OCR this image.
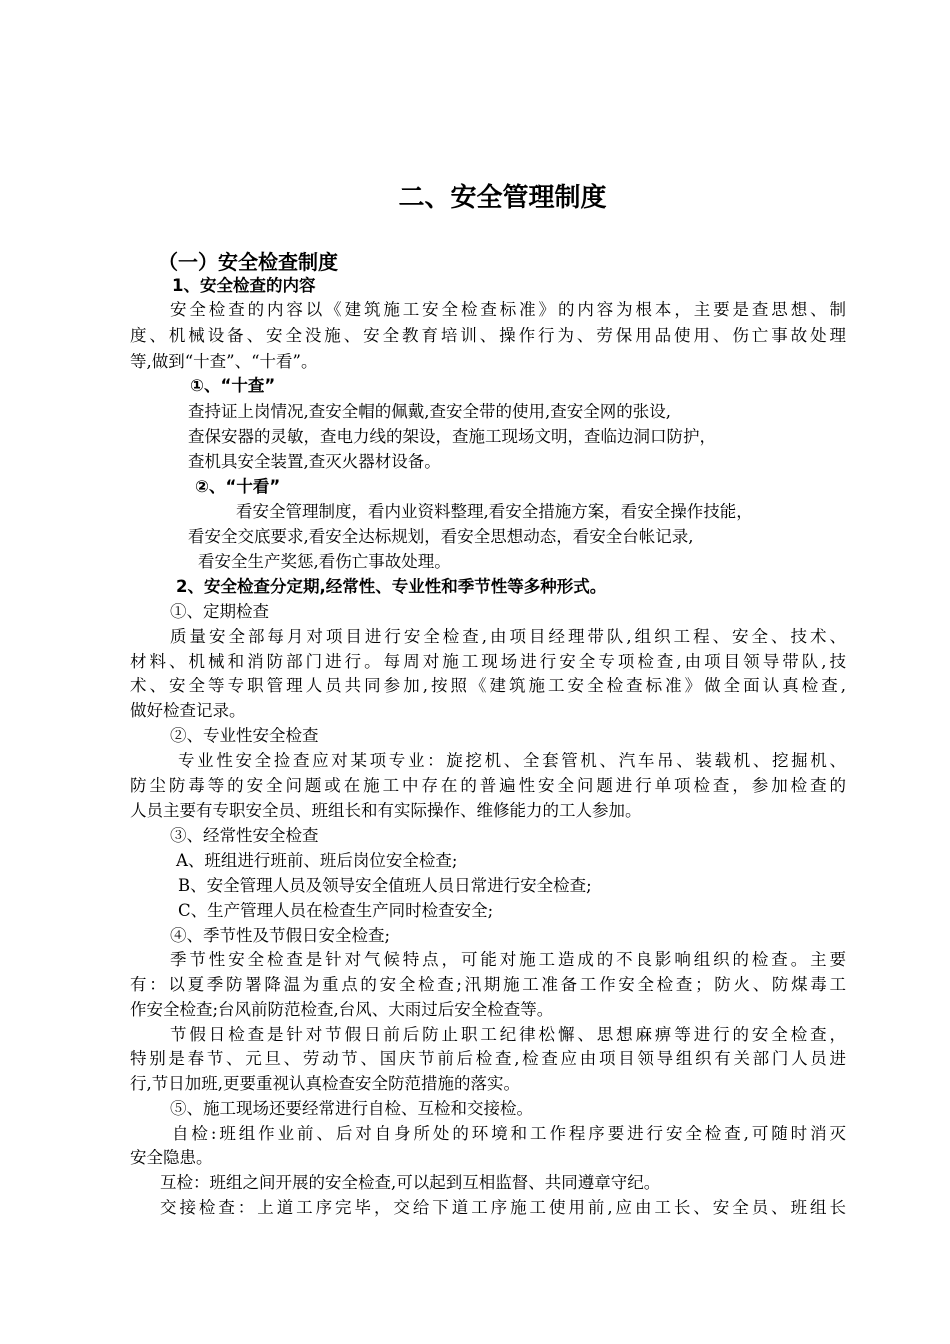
二、安全管理制度
（一）安全检查制度
1、安全检查的内容
安全检查的内容以《建筑施工安全检查标准》的内容为根本，主要是查思想、制
度、机械设备、安全没施、安全教育培训、操作行为、劳保用品使用、伤亡事故处理
等,做到“十查”、“十看”。
①、“十查”
查持证上岗情况,查安全帽的佩戴,查安全带的使用,查安全网的张设,
查保安器的灵敏，查电力线的架设，查施工现场文明，查临边洞口防护，
查机具安全装置,查灭火器材设备。
②、“十看”
看安全管理制度，看内业资料整理,看安全措施方案，看安全操作技能，
看安全交底要求,看安全达标规划，看安全思想动态，看安全台帐记录,
看安全生产奖惩,看伤亡事故处理。
2、安全检查分定期,经常性、专业性和季节性等多种形式。
①、定期检查
质量安全部每月对项目进行安全检查,由项目经理带队,组织工程、安全、技术、
材料、机械和消防部门进行。每周对施工现场进行安全专项检查,由项目领导带队,技
术、安全等专职管理人员共同参加,按照《建筑施工安全检查标准》做全面认真检查,
做好检查记录。
②、专业性安全检查
专业性安全捡查应对某项专业：旋挖机、全套管机、汽车吊、装载机、挖掘机、
防尘防毒等的安全问题或在施工中存在的普遍性安全问题进行单项检查，参加检查的
人员主要有专职安全员、班组长和有实际操作、维修能力的工人参加。
③、经常性安全检查
A、班组进行班前、班后岗位安全检查;
B、安全管理人员及领导安全值班人员日常进行安全检查;
C、生产管理人员在检查生产同时检查安全;
④、季节性及节假日安全检查;
季节性安全检查是针对气候特点，可能对施工造成的不良影响组织的检查。主要
有：以夏季防署降温为重点的安全检查;汛期施工准备工作安全检查；防火、防煤毒工
作安全检查;台风前防范检查,台风、大雨过后安全检查等。
节假日检查是针对节假日前后防止职工纪律松懈、思想麻痹等进行的安全检查，
特别是春节、元旦、劳动节、国庆节前后检查,检查应由项目领导组织有关部门人员进
行,节日加班,更要重视认真检查安全防范措施的落实。
⑤、施工现场还要经常进行自检、互检和交接检。
自检:班组作业前、后对自身所处的环境和工作程序要进行安全检查,可随时消灭
安全隐患。
互检：班组之间开展的安全检查,可以起到互相监督、共同遵章守纪。
交接检查：上道工序完毕，交给下道工序施工使用前,应由工长、安全员、班组长
